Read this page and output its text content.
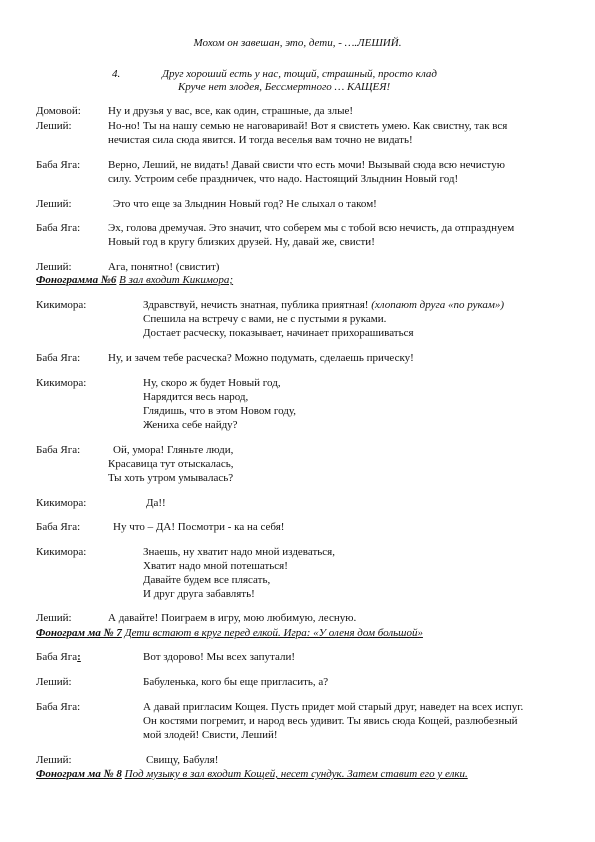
Мохом он завешан, это, дети, - ….ЛЕШИЙ.
4.	Друг хороший есть у нас, тощий, страшный, просто клад
Круче нет злодея, Бессмертного … КАЩЕЯ!
Домовой: Ну и друзья у вас, все, как один, страшные, да злые!
Леший:	Но-но! Ты на нашу семью не наговаривай! Вот я свистеть умею. Как свистну, так вся
нечистая сила сюда явится. И тогда веселья вам точно не видать!
Баба Яга:	Верно, Леший, не видать! Давай свисти что есть мочи! Вызывай сюда всю нечистую
силу. Устроим себе праздничек, что надо. Настоящий Злыднин Новый год!
Леший:	Это что еще за Злыднин Новый год? Не слыхал о таком!
Баба Яга:	Эх, голова дремучая. Это значит, что соберем мы с тобой всю нечисть, да отпразднуем
Новый год в кругу близких друзей. Ну, давай же, свисти!
Леший:	Ага, понятно! (свистит)
Фонограмма №6 В зал входит Кикимора;
Кикимора:	Здравствуй, нечисть знатная, публика приятная! (хлопают друга «по рукам»)
Спешила на встречу с вами, не с пустыми я руками.
Достает расческу, показывает, начинает прихорашиваться
Баба Яга:	Ну, и зачем тебе расческа? Можно подумать, сделаешь прическу!
Кикимора:	Ну, скоро ж будет Новый год,
Нарядится весь народ,
Глядишь, что в этом Новом году,
Жениха себе найду?
Баба Яга:	Ой, умора! Гляньте люди,
Красавица тут отыскалась,
Ты хоть утром умывалась?
Кикимора:	Да!!
Баба Яга:	Ну что – ДА! Посмотри - ка на себя!
Кикимора:	Знаешь, ну хватит надо мной издеваться,
Хватит надо мной потешаться!
Давайте будем все плясать,
И друг друга забавлять!
Леший:	А давайте! Поиграем в игру, мою любимую, лесную.
Фонограм ма № 7 Дети встают в круг перед елкой. Игра: «У оленя дом большой»
Баба Яга:	Вот здорово! Мы всех запутали!
Леший:	Бабуленька, кого бы еще пригласить, а?
Баба Яга:	А давай пригласим Кощея. Пусть придет мой старый друг, наведет на всех испуг.
Он костями погремит, и народ весь удивит. Ты явись сюда Кощей, разлюбезный
мой злодей! Свисти, Леший!
Леший:	Свищу, Бабуля!
Фонограм ма № 8 Под музыку в зал входит Кощей, несет сундук. Затем ставит его у елки.
